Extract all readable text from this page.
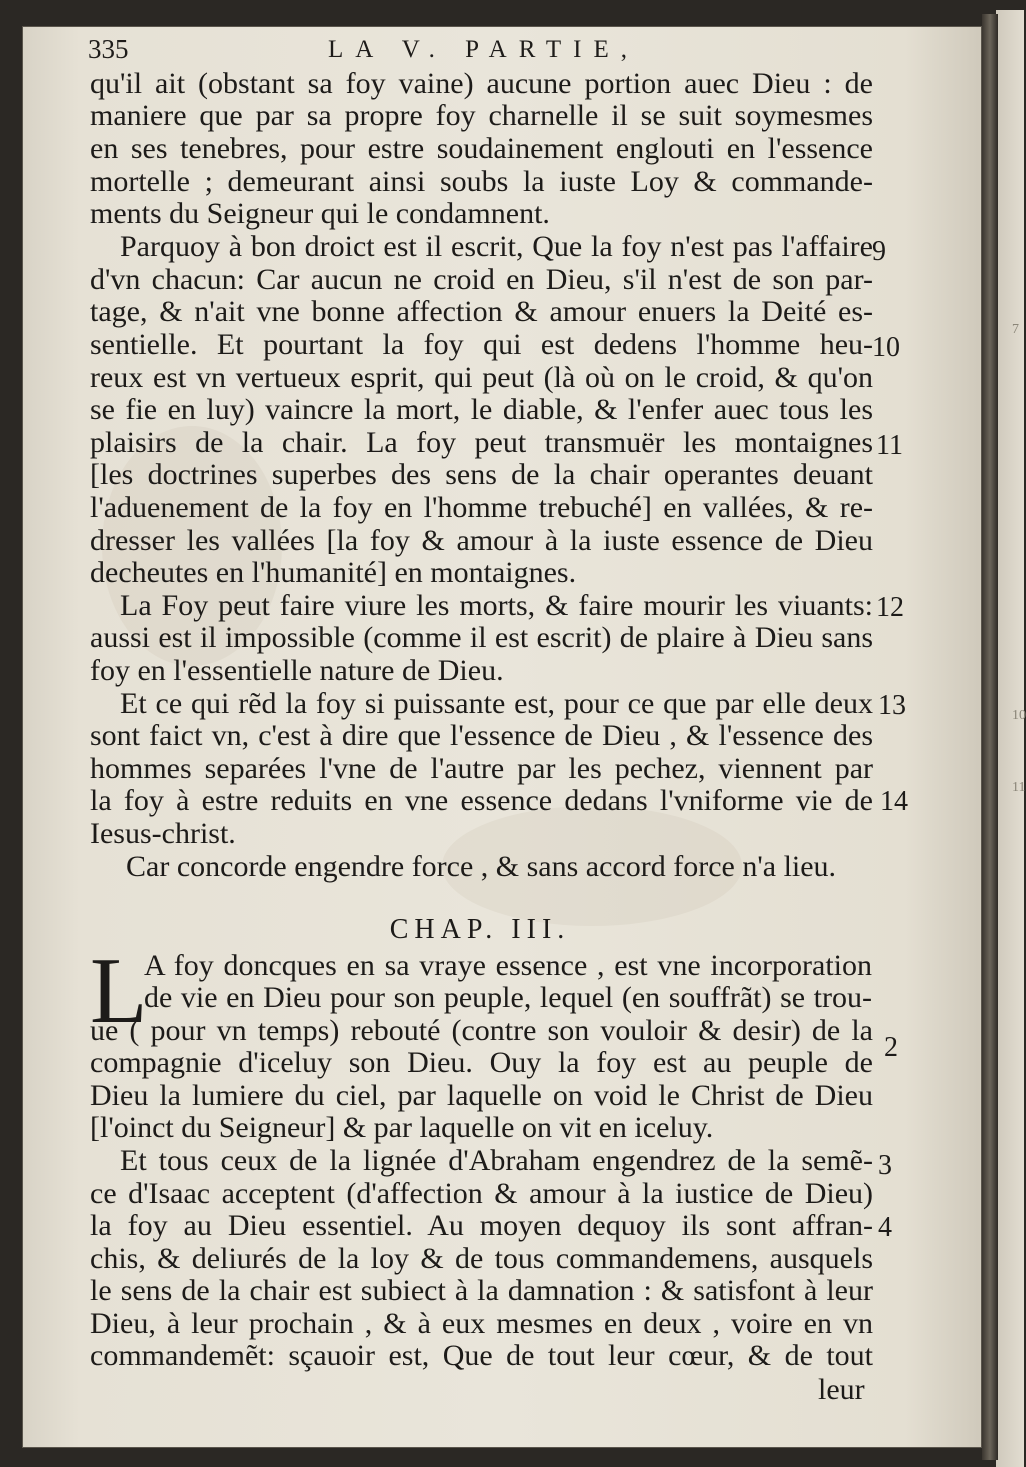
7
10
11
335	LA V. PARTIE,

qu'il ait (obstant sa foy vaine) aucune portion auec Dieu : de

maniere que par sa propre foy charnelle il se suit soymesmes

en ses tenebres, pour estre soudainement englouti en l'essence

mortelle ; demeurant ainsi soubs la iuste Loy & commande-

ments du Seigneur qui le condamnent.

Parquoy à bon droict est il escrit, Que la foy n'est pas l'affaire

d'vn chacun: Car aucun ne croid en Dieu, s'il n'est de son par-

tage, & n'ait vne bonne affection & amour enuers la Deité es-

sentielle. Et pourtant la foy qui est dedens l'homme heu-

reux est vn vertueux esprit, qui peut (là où on le croid, & qu'on

se fie en luy) vaincre la mort, le diable, & l'enfer auec tous les

plaisirs de la chair. La foy peut transmuër les montaignes

[les doctrines superbes des sens de la chair operantes deuant

l'aduenement de la foy en l'homme trebuché] en vallées, & re-

dresser les vallées [la foy & amour à la iuste essence de Dieu

decheutes en l'humanité] en montaignes.

La Foy peut faire viure les morts, & faire mourir les viuants:

aussi est il impossible (comme il est escrit) de plaire à Dieu sans

foy en l'essentielle nature de Dieu.

Et ce qui rẽd la foy si puissante est, pour ce que par elle deux

sont faict vn, c'est à dire que l'essence de Dieu , & l'essence des

hommes separées l'vne de l'autre par les pechez, viennent par

la foy à estre reduits en vne essence dedans l'vniforme vie de

Iesus-christ.

Car concorde engendre force , & sans accord force n'a lieu.

9
10
11
12
13
14
CHAP. III.
L

A foy doncques en sa vraye essence , est vne incorporation

de vie en Dieu pour son peuple, lequel (en souffrãt) se trou-

ue ( pour vn temps) rebouté (contre son vouloir & desir) de la

compagnie d'iceluy son Dieu. Ouy la foy est au peuple de

Dieu la lumiere du ciel, par laquelle on void le Christ de Dieu

[l'oinct du Seigneur] & par laquelle on vit en iceluy.

Et tous ceux de la lignée d'Abraham engendrez de la semẽ-

ce d'Isaac acceptent (d'affection & amour à la iustice de Dieu)

la foy au Dieu essentiel. Au moyen dequoy ils sont affran-

chis, & deliurés de la loy & de tous commandemens, ausquels

le sens de la chair est subiect à la damnation : & satisfont à leur

Dieu, à leur prochain , & à eux mesmes en deux , voire en vn

commandemẽt: sçauoir est, Que de tout leur cœur, & de tout

2
3
4
leur
